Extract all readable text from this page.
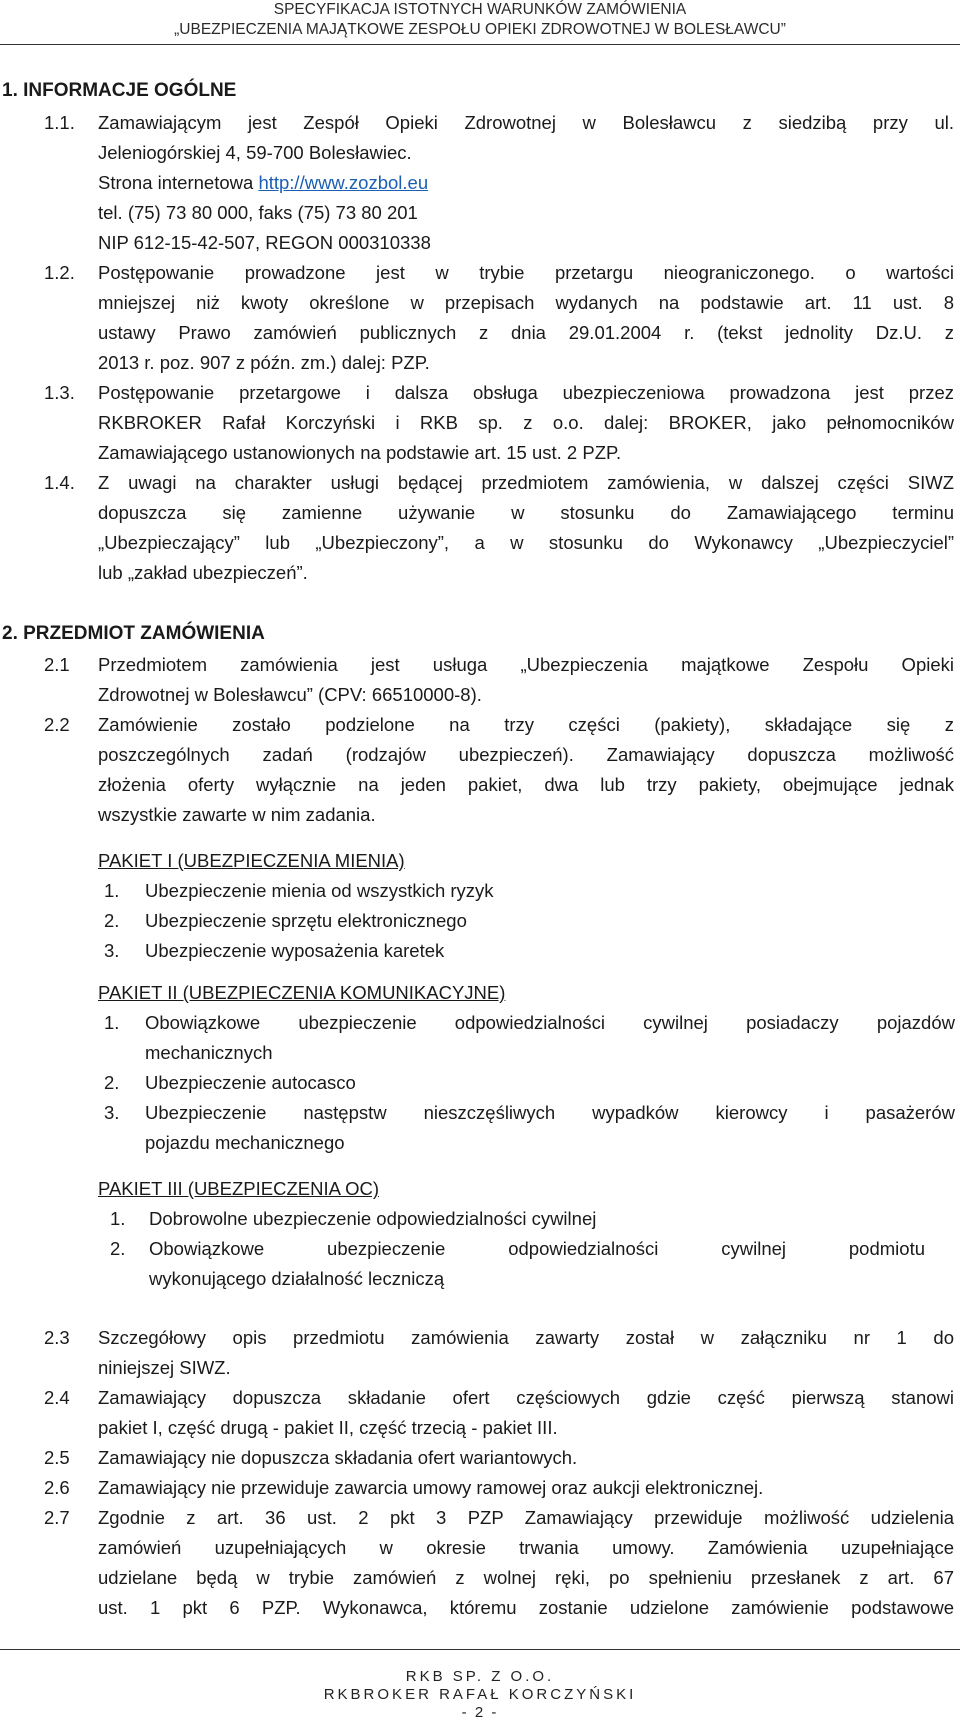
SPECYFIKACJA ISTOTNYCH WARUNKÓW ZAMÓWIENIA
„UBEZPIECZENIA MAJĄTKOWE ZESPOŁU OPIEKI ZDROWOTNEJ W BOLESŁAWCU”
1. INFORMACJE OGÓLNE
1.1. Zamawiającym jest Zespół Opieki Zdrowotnej w Bolesławcu z siedzibą przy ul.
Jeleniogórskiej 4, 59-700 Bolesławiec.
Strona internetowa http://www.zozbol.eu
tel. (75) 73 80 000, faks (75) 73 80 201
NIP 612-15-42-507, REGON 000310338
1.2. Postępowanie prowadzone jest w trybie przetargu nieograniczonego. o wartości
mniejszej niż kwoty określone w przepisach wydanych na podstawie art. 11 ust. 8
ustawy Prawo zamówień publicznych z dnia 29.01.2004 r. (tekst jednolity Dz.U. z
2013 r. poz. 907 z późn. zm.) dalej: PZP.
1.3. Postępowanie przetargowe i dalsza obsługa ubezpieczeniowa prowadzona jest przez
RKBROKER Rafał Korczyński i RKB sp. z o.o. dalej: BROKER, jako pełnomocników
Zamawiającego ustanowionych na podstawie art. 15 ust. 2 PZP.
1.4. Z uwagi na charakter usługi będącej przedmiotem zamówienia, w dalszej części SIWZ
dopuszcza się zamienne używanie w stosunku do Zamawiającego terminu
„Ubezpieczający” lub „Ubezpieczony”, a w stosunku do Wykonawcy „Ubezpieczyciel”
lub „zakład ubezpieczeń”.
2. PRZEDMIOT ZAMÓWIENIA
2.1 Przedmiotem zamówienia jest usługa „Ubezpieczenia majątkowe Zespołu Opieki
Zdrowotnej w Bolesławcu” (CPV: 66510000-8).
2.2 Zamówienie zostało podzielone na trzy części (pakiety), składające się z
poszczególnych zadań (rodzajów ubezpieczeń). Zamawiający dopuszcza możliwość
złożenia oferty wyłącznie na jeden pakiet, dwa lub trzy pakiety, obejmujące jednak
wszystkie zawarte w nim zadania.
PAKIET I (UBEZPIECZENIA MIENIA)
1. Ubezpieczenie mienia od wszystkich ryzyk
2. Ubezpieczenie sprzętu elektronicznego
3. Ubezpieczenie wyposażenia karetek
PAKIET II (UBEZPIECZENIA KOMUNIKACYJNE)
1. Obowiązkowe ubezpieczenie odpowiedzialności cywilnej posiadaczy pojazdów
mechanicznych
2. Ubezpieczenie autocasco
3. Ubezpieczenie następstw nieszczęśliwych wypadków kierowcy i pasażerów
pojazdu mechanicznego
PAKIET III (UBEZPIECZENIA OC)
1. Dobrowolne ubezpieczenie odpowiedzialności cywilnej
2. Obowiązkowe ubezpieczenie odpowiedzialności cywilnej podmiotu
wykonującego działalność leczniczą
2.3 Szczegółowy opis przedmiotu zamówienia zawarty został w załączniku nr 1 do
niniejszej SIWZ.
2.4 Zamawiający dopuszcza składanie ofert częściowych gdzie część pierwszą stanowi
pakiet I, część drugą - pakiet II, część trzecią - pakiet III.
2.5 Zamawiający nie dopuszcza składania ofert wariantowych.
2.6 Zamawiający nie przewiduje zawarcia umowy ramowej oraz aukcji elektronicznej.
2.7 Zgodnie z art. 36 ust. 2 pkt 3 PZP Zamawiający przewiduje możliwość udzielenia
zamówień uzupełniających w okresie trwania umowy. Zamówienia uzupełniające
udzielane będą w trybie zamówień z wolnej ręki, po spełnieniu przesłanek z art. 67
ust. 1 pkt 6 PZP. Wykonawca, któremu zostanie udzielone zamówienie podstawowe
RKB SP. Z O.O.
RKBROKER RAFAŁ KORCZYŃSKI
- 2 -
